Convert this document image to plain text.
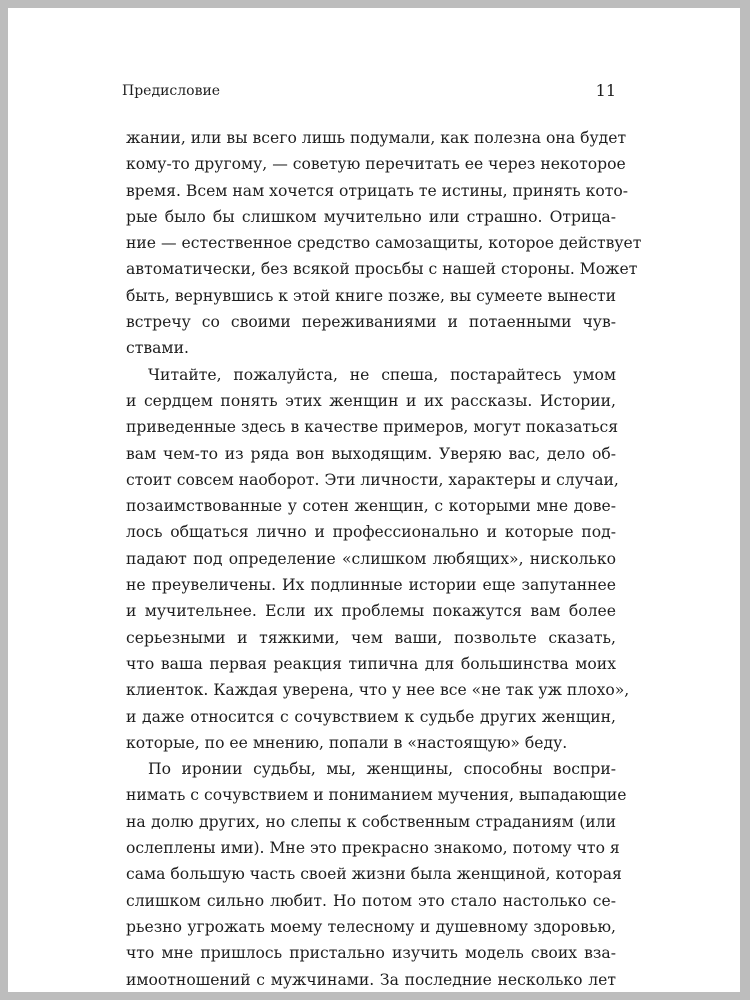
Предисловие	11
жании, или вы всего лишь подумали, как полезна она будет
кому-то другому, — советую перечитать ее через некоторое
время. Всем нам хочется отрицать те истины, принять кото-
рые было бы слишком мучительно или страшно. Отрица-
ние — естественное средство самозащиты, которое действует
автоматически, без всякой просьбы с нашей стороны. Может
быть, вернувшись к этой книге позже, вы сумеете вынести
встречу со своими переживаниями и потаенными чув-
ствами.
Читайте, пожалуйста, не спеша, постарайтесь умом
и сердцем понять этих женщин и их рассказы. Истории,
приведенные здесь в качестве примеров, могут показаться
вам чем-то из ряда вон выходящим. Уверяю вас, дело об-
стоит совсем наоборот. Эти личности, характеры и случаи,
позаимствованные у сотен женщин, с которыми мне дове-
лось общаться лично и профессионально и которые под-
падают под определение «слишком любящих», нисколько
не преувеличены. Их подлинные истории еще запутаннее
и мучительнее. Если их проблемы покажутся вам более
серьезными и тяжкими, чем ваши, позвольте сказать,
что ваша первая реакция типична для большинства моих
клиенток. Каждая уверена, что у нее все «не так уж плохо»,
и даже относится с сочувствием к судьбе других женщин,
которые, по ее мнению, попали в «настоящую» беду.
По иронии судьбы, мы, женщины, способны воспри-
нимать с сочувствием и пониманием мучения, выпадающие
на долю других, но слепы к собственным страданиям (или
ослеплены ими). Мне это прекрасно знакомо, потому что я
сама большую часть своей жизни была женщиной, которая
слишком сильно любит. Но потом это стало настолько се-
рьезно угрожать моему телесному и душевному здоровью,
что мне пришлось пристально изучить модель своих вза-
имоотношений с мужчинами. За последние несколько лет
